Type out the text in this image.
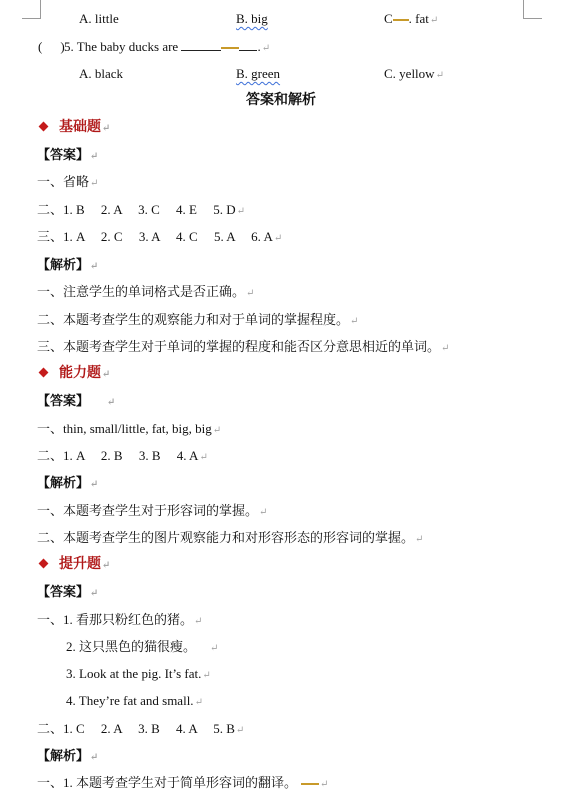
A. little	B. big	C . fat↵
( ) 5. The baby ducks are	.↵
A. black	B. green	C. yellow↵
答案和解析
基础题↵
【答案】↵
一、省略↵
二、1. B     2. A     3. C     4. E     5. D↵
三、1. A     2. C     3. A     4. C     5. A     6. A↵
【解析】↵
一、注意学生的单词格式是否正确。↵
二、本题考查学生的观察能力和对于单词的掌握程度。↵
三、本题考查学生对于单词的掌握的程度和能否区分意思相近的单词。↵
能力题↵
【答案】 ↵
一、thin, small/little, fat, big, big↵
二、1. A     2. B     3. B     4. A↵
【解析】↵
一、本题考查学生对于形容词的掌握。↵
二、本题考查学生的图片观察能力和对形容形态的形容词的掌握。↵
提升题↵
【答案】↵
一、1. 看那只粉红色的猪。↵
2. 这只黑色的猫很瘦。 ↵
3. Look at the pig. It’s fat.↵
4. They’re fat and small.↵
二、1. C     2. A     3. B     4. A     5. B↵
【解析】↵
一、1. 本题考查学生对于简单形容词的翻译。 ↵
